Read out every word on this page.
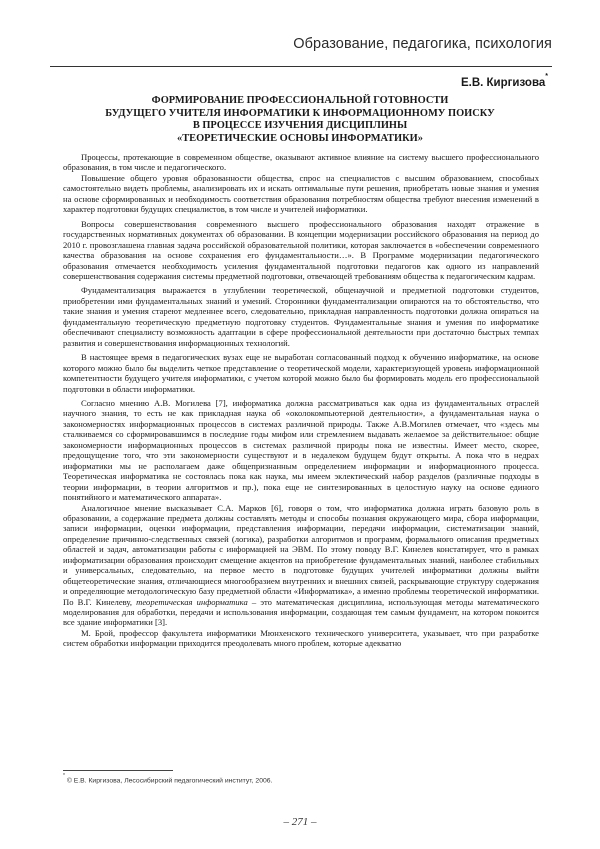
Образование, педагогика, психология
Е.В. Киргизова*
ФОРМИРОВАНИЕ ПРОФЕССИОНАЛЬНОЙ ГОТОВНОСТИ
БУДУЩЕГО УЧИТЕЛЯ ИНФОРМАТИКИ К ИНФОРМАЦИОННОМУ ПОИСКУ
В ПРОЦЕССЕ ИЗУЧЕНИЯ ДИСЦИПЛИНЫ
«ТЕОРЕТИЧЕСКИЕ ОСНОВЫ ИНФОРМАТИКИ»

Процессы, протекающие в современном обществе, оказывают активное влияние на систему высшего профессионального образования, в том числе и педагогического.

Повышение общего уровня образованности общества, спрос на специалистов с высшим образованием, способных самостоятельно видеть проблемы, анализировать их и искать оптимальные пути решения, приобретать новые знания и умения на основе сформированных и необходимость соответствия образования потребностям общества требуют внесения изменений в характер подготовки будущих специалистов, в том числе и учителей информатики.

Вопросы совершенствования современного высшего профессионального образования находят отражение в государственных нормативных документах об образовании. В концепции модернизации российского образования на период до 2010 г. провозглашена главная задача российской образовательной политики, которая заключается в «обеспечении современного качества образования на основе сохранения его фундаментальности…». В Программе модернизации педагогического образования отмечается необходимость усиления фундаментальной подготовки педагогов как одного из направлений совершенствования содержания системы предметной подготовки, отвечающей требованиям общества к педагогическим кадрам.

Фундаментализация выражается в углублении теоретической, общенаучной и предметной подготовки студентов, приобретении ими фундаментальных знаний и умений. Сторонники фундаментализации опираются на то обстоятельство, что такие знания и умения стареют медленнее всего, следовательно, прикладная направленность подготовки должна опираться на фундаментальную теоретическую предметную подготовку студентов. Фундаментальные знания и умения по информатике обеспечивают специалисту возможность адаптации в сфере профессиональной деятельности при достаточно быстрых темпах развития и совершенствования информационных технологий.

В настоящее время в педагогических вузах еще не выработан согласованный подход к обучению информатике, на основе которого можно было бы выделить четкое представление о теоретической модели, характеризующей уровень информационной компетентности будущего учителя информатики, с учетом которой можно было бы формировать модель его профессиональной подготовки в области информатики.

Согласно мнению А.В. Могилева [7], информатика должна рассматриваться как одна из фундаментальных отраслей научного знания, то есть не как прикладная наука об «околокомпьютерной деятельности», а фундаментальная наука о закономерностях информационных процессов в системах различной природы. Также А.В.Могилев отмечает, что «здесь мы сталкиваемся со сформировавшимся в последние годы мифом или стремлением выдавать желаемое за действительное: общие закономерности информационных процессов в системах различной природы пока не известны. Имеет место, скорее, предощущение того, что эти закономерности существуют и в недалеком будущем будут открыты. А пока что в недрах информатики мы не располагаем даже общепризнанным определением информации и информационного процесса. Теоретическая информатика не состоялась пока как наука, мы имеем эклектический набор разделов (различные подходы в теории информации, в теории алгоритмов и пр.), пока еще не синтезированных в целостную науку на основе единого понятийного и математического аппарата».

Аналогичное мнение высказывает С.А. Марков [6], говоря о том, что информатика должна играть базовую роль в образовании, а содержание предмета должны составлять методы и способы познания окружающего мира, сбора информации, записи информации, оценки информации, представления информации, передачи информации, систематизации знаний, определение причинно-следственных связей (логика), разработки алгоритмов и программ, формального описания предметных областей и задач, автоматизации работы с информацией на ЭВМ. По этому поводу В.Г. Кинелев констатирует, что в рамках информатизации образования происходит смещение акцентов на приобретение фундаментальных знаний, наиболее стабильных и универсальных, следовательно, на первое место в подготовке будущих учителей информатики должны выйти общетеоретические знания, отличающиеся многообразием внутренних и внешних связей, раскрывающие структуру содержания и определяющие методологическую базу предметной области «Информатика», а именно проблемы теоретической информатики. По В.Г. Кинелеву, теоретическая информатика – это математическая дисциплина, использующая методы математического моделирования для обработки, передачи и использования информации, создающая тем самым фундамент, на котором покоится все здание информатики [3].

М. Брой, профессор факультета информатики Мюнхенского технического университета, указывает, что при разработке систем обработки информации приходится преодолевать много проблем, которые адекватно

* © Е.В. Киргизова, Лесосибирский педагогический институт, 2006.
– 271 –
